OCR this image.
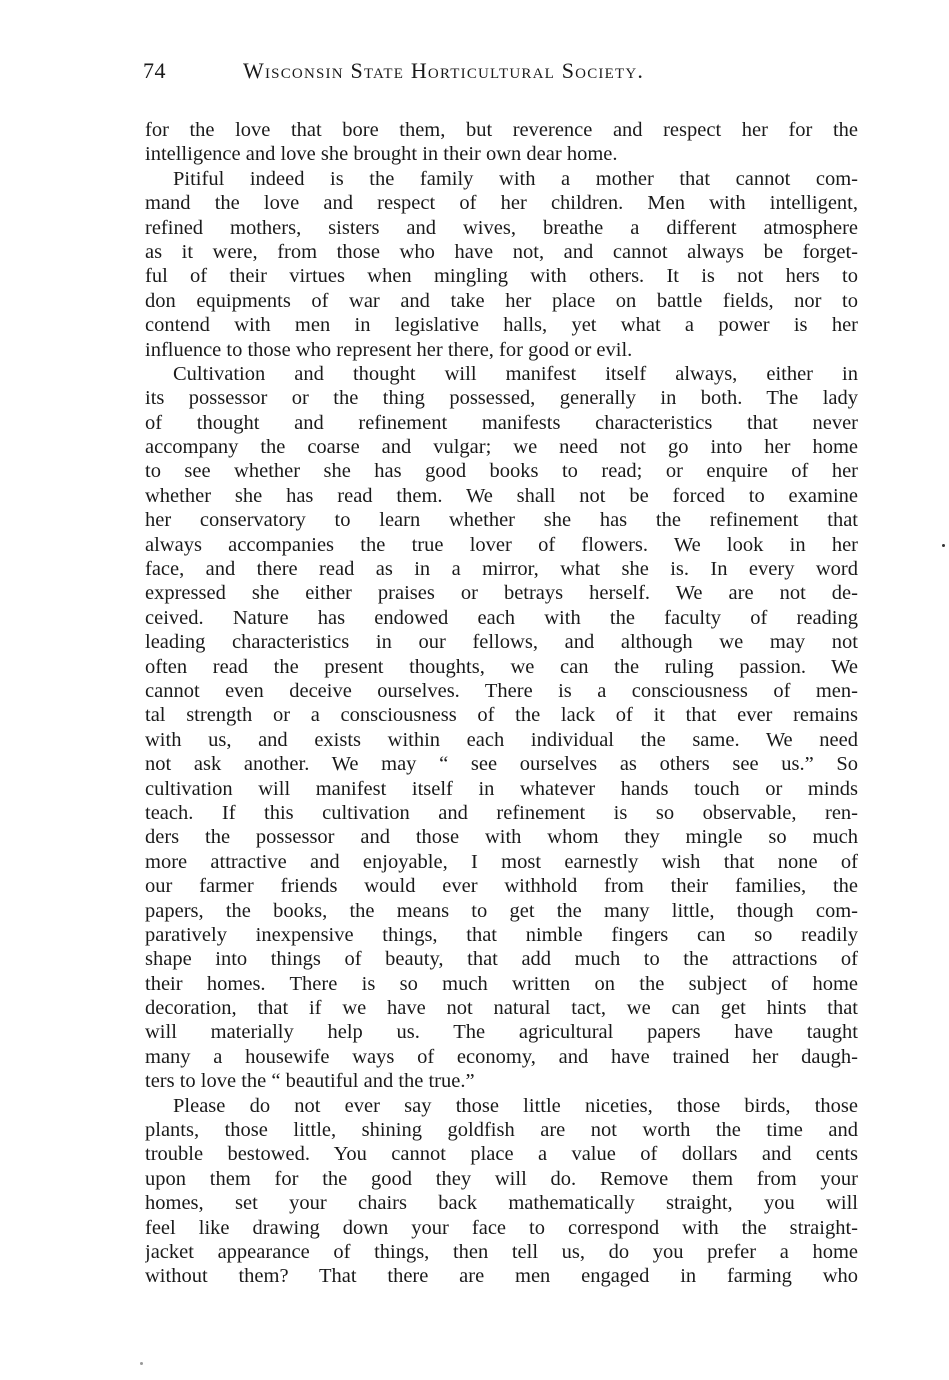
74	Wisconsin State Horticultural Society.
for the love that bore them, but reverence and respect her for the
intelligence and love she brought in their own dear home.
Pitiful indeed is the family with a mother that cannot com-
mand the love and respect of her children. Men with intelligent,
refined mothers, sisters and wives, breathe a different atmosphere
as it were, from those who have not, and cannot always be forget-
ful of their virtues when mingling with others. It is not hers to
don equipments of war and take her place on battle fields, nor to
contend with men in legislative halls, yet what a power is her
influence to those who represent her there, for good or evil.
Cultivation and thought will manifest itself always, either in
its possessor or the thing possessed, generally in both. The lady
of thought and refinement manifests characteristics that never
accompany the coarse and vulgar; we need not go into her home
to see whether she has good books to read; or enquire of her
whether she has read them. We shall not be forced to examine
her conservatory to learn whether she has the refinement that
always accompanies the true lover of flowers. We look in her
face, and there read as in a mirror, what she is. In every word
expressed she either praises or betrays herself. We are not de-
ceived. Nature has endowed each with the faculty of reading
leading characteristics in our fellows, and although we may not
often read the present thoughts, we can the ruling passion. We
cannot even deceive ourselves. There is a consciousness of men-
tal strength or a consciousness of the lack of it that ever remains
with us, and exists within each individual the same. We need
not ask another. We may “ see ourselves as others see us.” So
cultivation will manifest itself in whatever hands touch or minds
teach. If this cultivation and refinement is so observable, ren-
ders the possessor and those with whom they mingle so much
more attractive and enjoyable, I most earnestly wish that none of
our farmer friends would ever withhold from their families, the
papers, the books, the means to get the many little, though com-
paratively inexpensive things, that nimble fingers can so readily
shape into things of beauty, that add much to the attractions of
their homes. There is so much written on the subject of home
decoration, that if we have not natural tact, we can get hints that
will materially help us. The agricultural papers have taught
many a housewife ways of economy, and have trained her daugh-
ters to love the “ beautiful and the true.”
Please do not ever say those little niceties, those birds, those
plants, those little, shining goldfish are not worth the time and
trouble bestowed. You cannot place a value of dollars and cents
upon them for the good they will do. Remove them from your
homes, set your chairs back mathematically straight, you will
feel like drawing down your face to correspond with the straight-
jacket appearance of things, then tell us, do you prefer a home
without them? That there are men engaged in farming who
